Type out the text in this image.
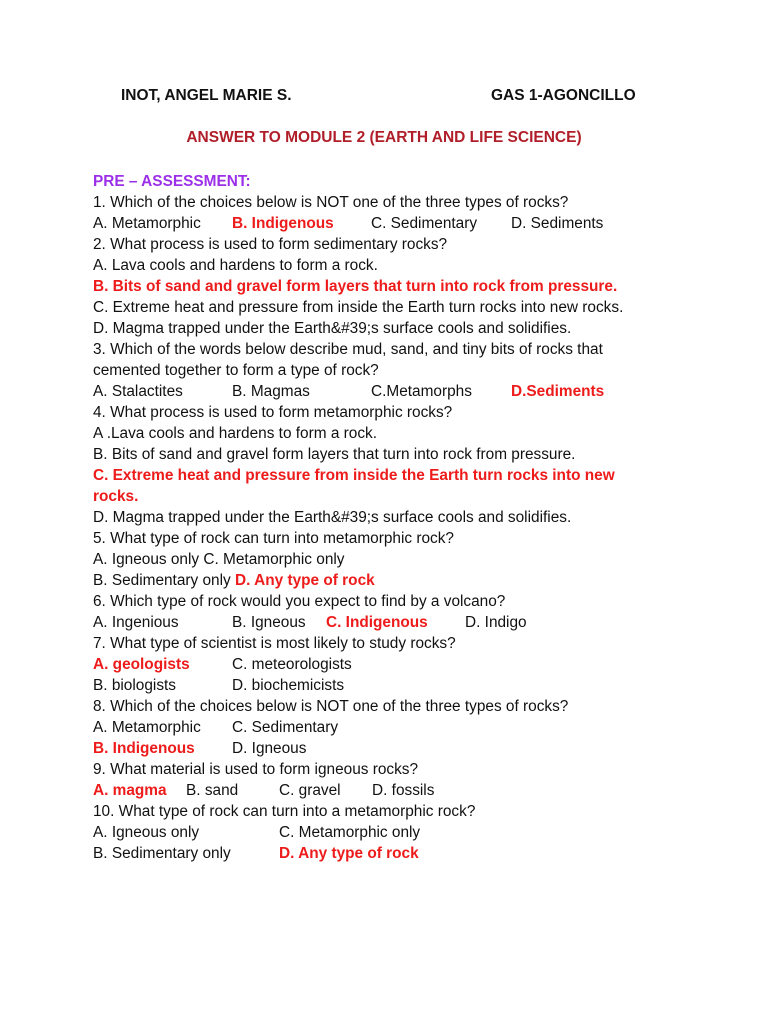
INOT, ANGEL MARIE S.	GAS 1-AGONCILLO
ANSWER TO MODULE 2 (EARTH AND LIFE SCIENCE)
PRE – ASSESSMENT:
1. Which of the choices below is NOT one of the three types of rocks?
A. Metamorphic B. Indigenous C. Sedimentary D. Sediments
2. What process is used to form sedimentary rocks?
A. Lava cools and hardens to form a rock.
B. Bits of sand and gravel form layers that turn into rock from pressure.
C. Extreme heat and pressure from inside the Earth turn rocks into new rocks.
D. Magma trapped under the Earth&#39;s surface cools and solidifies.
3. Which of the words below describe mud, sand, and tiny bits of rocks that
cemented together to form a type of rock?
A. Stalactites	B. Magmas	C.Metamorphs	D.Sediments
4. What process is used to form metamorphic rocks?
A .Lava cools and hardens to form a rock.
B. Bits of sand and gravel form layers that turn into rock from pressure.
C. Extreme heat and pressure from inside the Earth turn rocks into new
rocks.
D. Magma trapped under the Earth&#39;s surface cools and solidifies.
5. What type of rock can turn into metamorphic rock?
A. Igneous only C. Metamorphic only
B. Sedimentary only D. Any type of rock
6. Which type of rock would you expect to find by a volcano?
A. Ingenious	B. Igneous C. Indigenous D. Indigo
7. What type of scientist is most likely to study rocks?
A. geologists	C. meteorologists
B. biologists	D. biochemicists
8. Which of the choices below is NOT one of the three types of rocks?
A. Metamorphic C. Sedimentary
B. Indigenous D. Igneous
9. What material is used to form igneous rocks?
A. magma B. sand	C. gravel D. fossils
10. What type of rock can turn into a metamorphic rock?
A. Igneous only	C. Metamorphic only
B. Sedimentary only	D. Any type of rock
